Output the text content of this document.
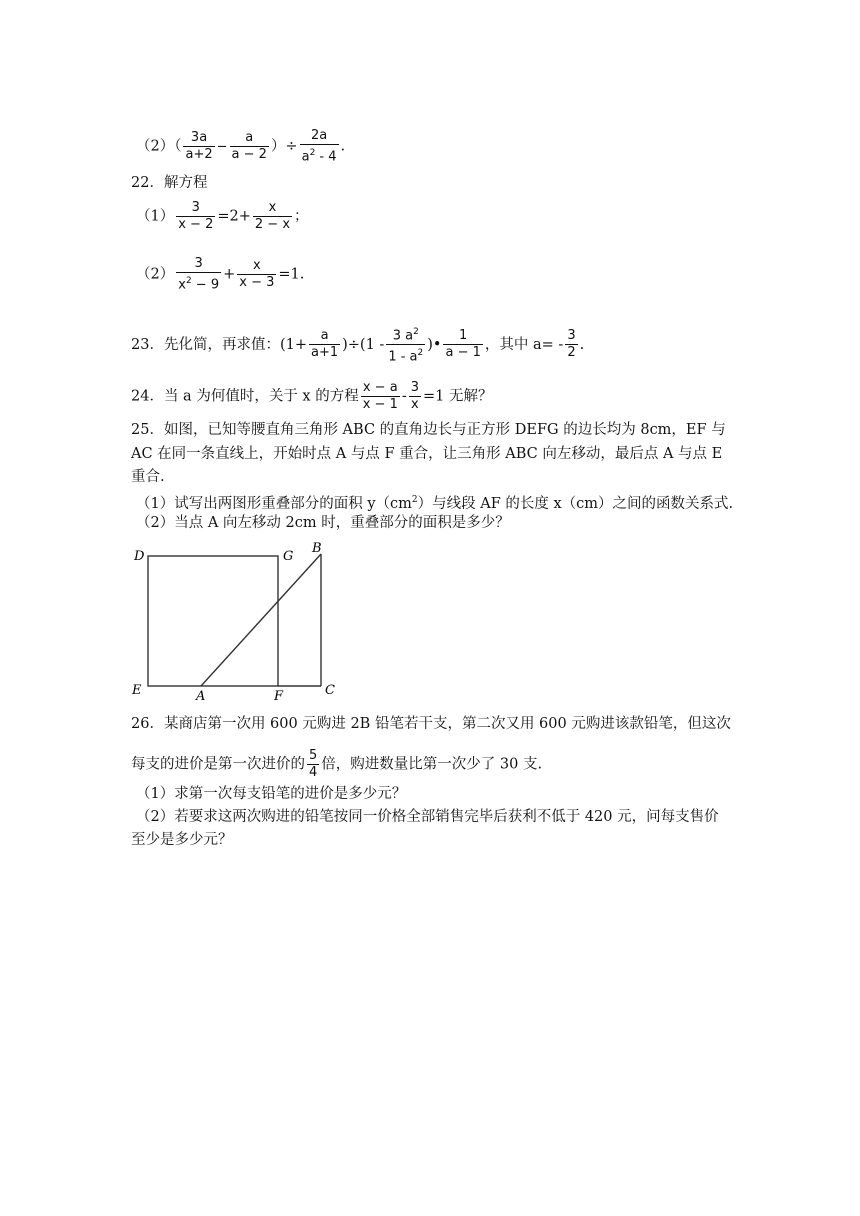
$(2)( \frac{3a}{a+2} - \frac{a}{a - 2}$ ）÷ $\frac{2a}{a^2 - 4}$ .
22．解方程
$(1) \frac{3}{x - 2} =2+ \frac{x}{2 - x}$ ；
$(2) \frac{3}{x^2 - 9} + \frac{x}{x - 3} =1$.
23．先化简，再求值：$(1+ \frac{a}{a+1} )\div(1 - \frac{3 a^2}{1 - a^2}$ )• $\frac{1}{a - 1}$ ，其中 $a= - \frac{3}{2}$ .
24．当 a 为何值时，关于 x 的方程 $\frac{x - a}{x - 1} - \frac{3}{x} =1$ 无解？
25．如图，已知等腰直角三角形 ABC 的直角边长与正方形 DEFG 的边长均为 8cm，EF 与
AC 在同一条直线上，开始时点 A 与点 F 重合，让三角形 ABC 向左移动，最后点 A 与点 E
重合.
（1）试写出两图形重叠部分的面积 $y(cm^2)$与线段 AF 的长度 x（cm）之间的函数关系式.
（2）当点 A 向左移动 2cm 时，重叠部分的面积是多少？
D	G
B
E	A	F	C
26．某商店第一次用 600 元购进 2B 铅笔若干支，第二次又用 600 元购进该款铅笔，但这次
每支的进价是第一次进价的 $\frac{5}{4}$ 倍，购进数量比第一次少了 30 支.
（1）求第一次每支铅笔的进价是多少元？
（2）若要求这两次购进的铅笔按同一价格全部销售完毕后获利不低于 420 元，问每支售价
至少是多少元？
